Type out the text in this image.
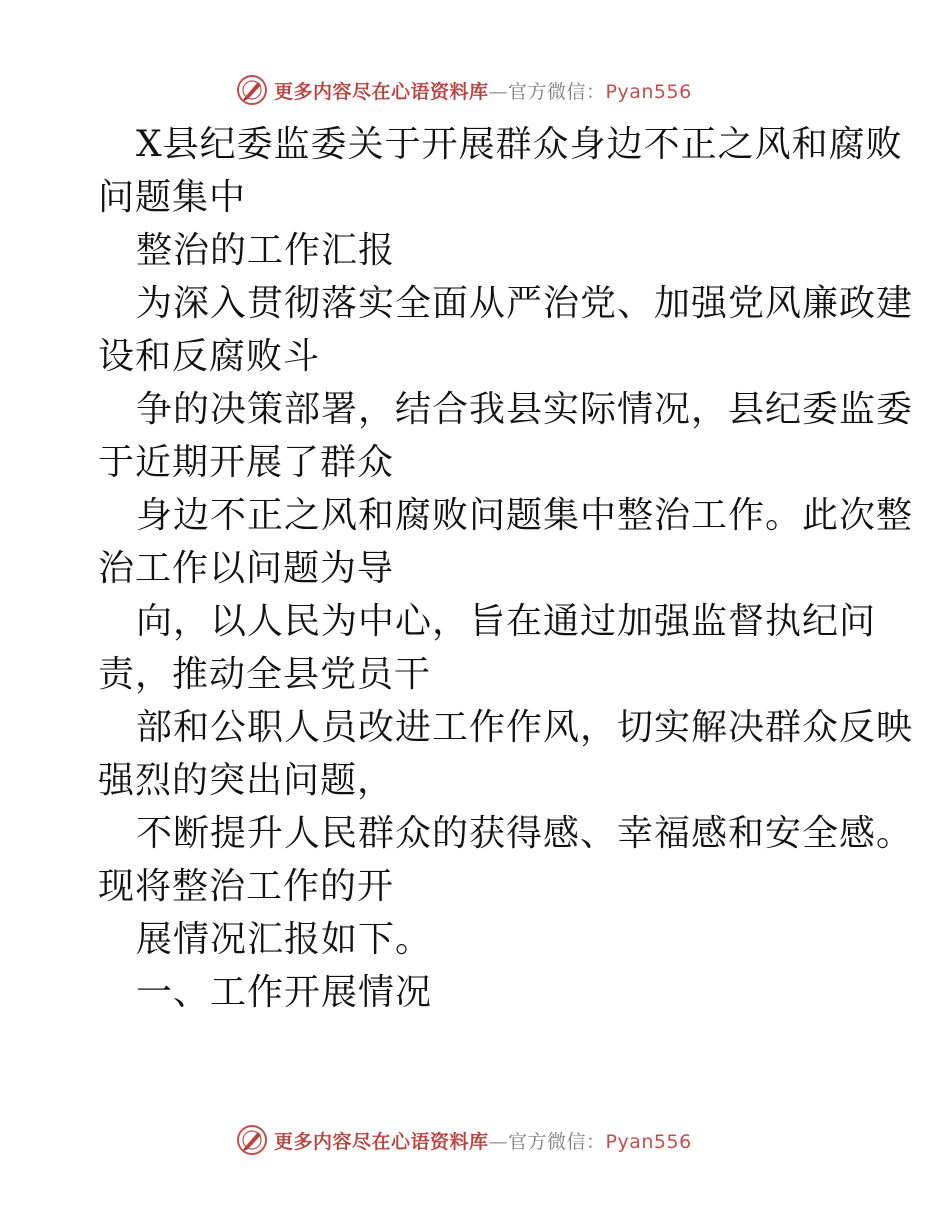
更多内容尽在心语资料库—官方微信：Pyan556
X县纪委监委关于开展群众身边不正之风和腐败
问题集中
整治的工作汇报
为深入贯彻落实全面从严治党、加强党风廉政建
设和反腐败斗
争的决策部署，结合我县实际情况，县纪委监委
于近期开展了群众
身边不正之风和腐败问题集中整治工作。此次整
治工作以问题为导
向，以人民为中心，旨在通过加强监督执纪问
责，推动全县党员干
部和公职人员改进工作作风，切实解决群众反映
强烈的突出问题，
不断提升人民群众的获得感、幸福感和安全感。
现将整治工作的开
展情况汇报如下。
一、工作开展情况
更多内容尽在心语资料库—官方微信：Pyan556
